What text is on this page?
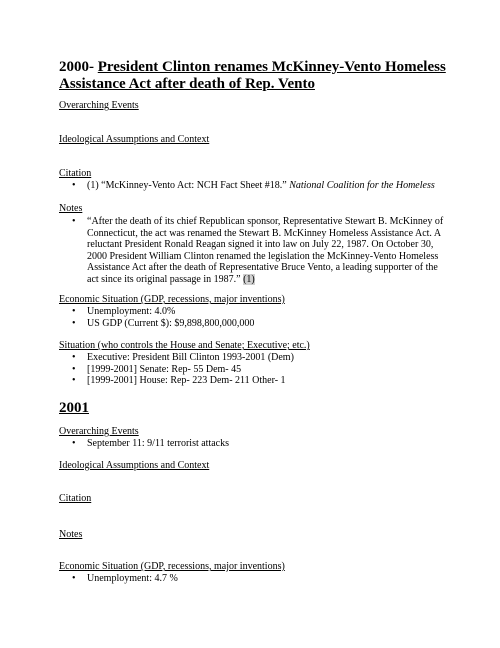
2000- President Clinton renames McKinney-Vento Homeless
Assistance Act after death of Rep. Vento
Overarching Events
Ideological Assumptions and Context
Citation
• (1) “McKinney-Vento Act: NCH Fact Sheet #18.” National Coalition for the Homeless
Notes
• “After the death of its chief Republican sponsor, Representative Stewart B. McKinney of Connecticut, the act was renamed the Stewart B. McKinney Homeless Assistance Act. A reluctant President Ronald Reagan signed it into law on July 22, 1987. On October 30, 2000 President William Clinton renamed the legislation the McKinney-Vento Homeless Assistance Act after the death of Representative Bruce Vento, a leading supporter of the act since its original passage in 1987.” (1)
Economic Situation (GDP, recessions, major inventions)
• Unemployment: 4.0%
• US GDP (Current $): $9,898,800,000,000
Situation (who controls the House and Senate; Executive; etc.)
• Executive: President Bill Clinton 1993-2001 (Dem)
• [1999-2001] Senate: Rep- 55 Dem- 45
• [1999-2001] House: Rep- 223 Dem- 211 Other- 1
2001
Overarching Events
• September 11: 9/11 terrorist attacks
Ideological Assumptions and Context
Citation
Notes
Economic Situation (GDP, recessions, major inventions)
• Unemployment: 4.7 %
